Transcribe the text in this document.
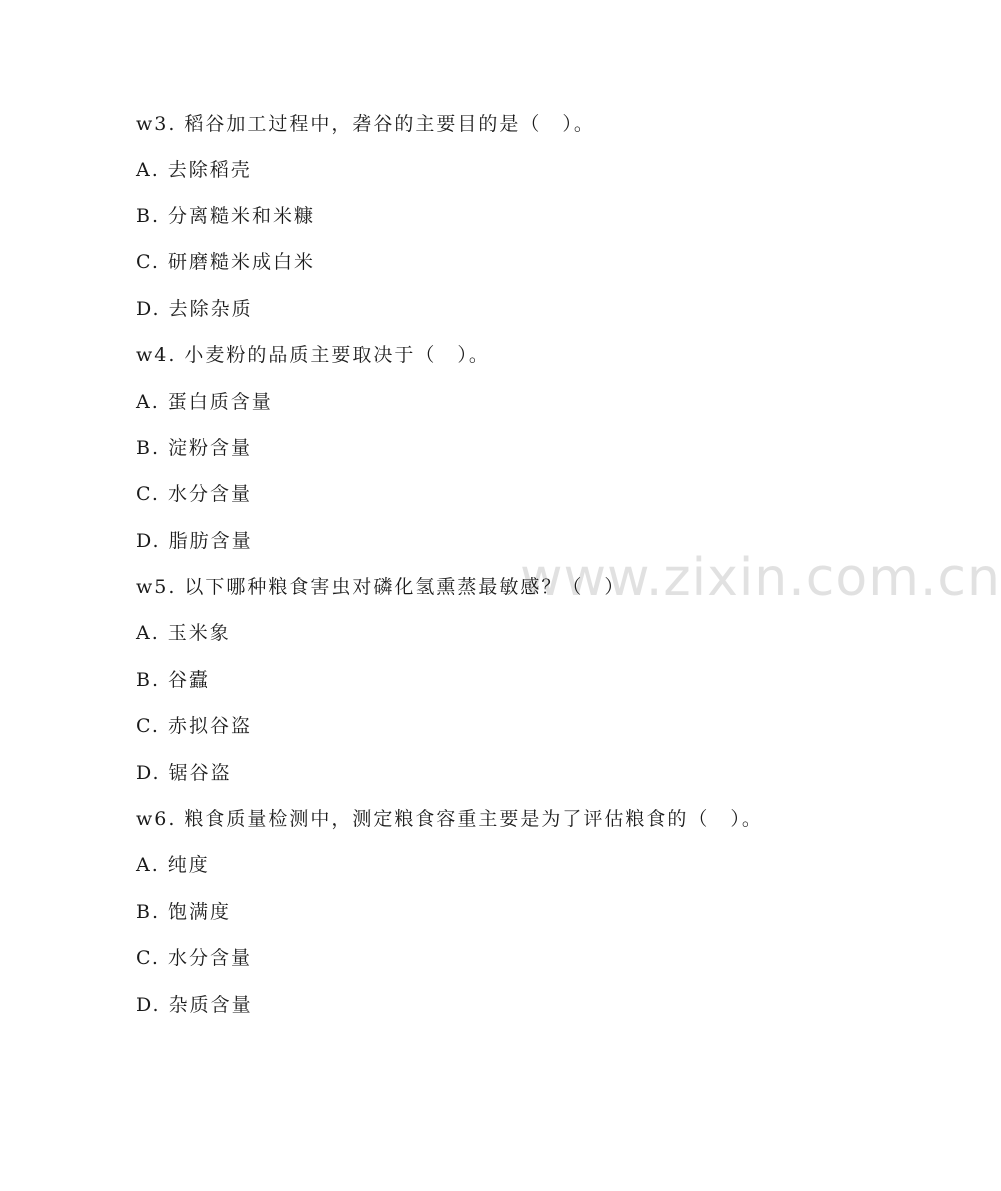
www.zixin.com.cn
w3. 稻谷加工过程中，砻谷的主要目的是（　）。
A. 去除稻壳
B. 分离糙米和米糠
C. 研磨糙米成白米
D. 去除杂质
w4. 小麦粉的品质主要取决于（　）。
A. 蛋白质含量
B. 淀粉含量
C. 水分含量
D. 脂肪含量
w5. 以下哪种粮食害虫对磷化氢熏蒸最敏感？（　）
A. 玉米象
B. 谷蠹
C. 赤拟谷盗
D. 锯谷盗
w6. 粮食质量检测中，测定粮食容重主要是为了评估粮食的（　）。
A. 纯度
B. 饱满度
C. 水分含量
D. 杂质含量
